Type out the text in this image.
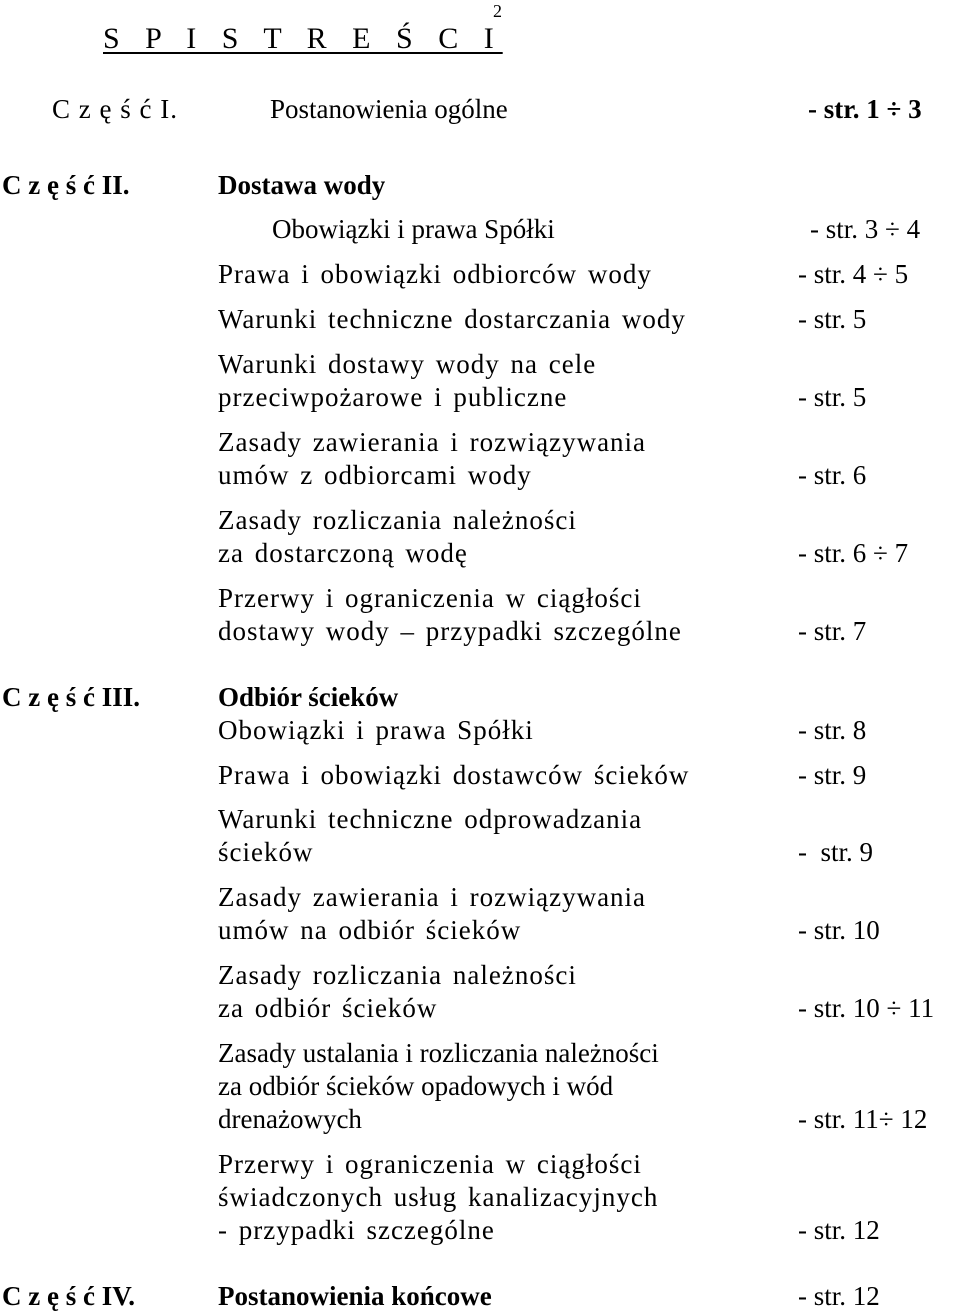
2
S P I S T R E Ś C I
C z ę ś ć I.	Postanowienia ogólne	- str. 1 ÷ 3
C z ę ś ć II.	Dostawa wody
Obowiązki i prawa Spółki	- str. 3 ÷ 4
Prawa i obowiązki odbiorców wody	- str. 4 ÷ 5
Warunki techniczne dostarczania wody	- str. 5
Warunki dostawy wody na cele
przeciwpożarowe i publiczne	- str. 5
Zasady zawierania i rozwiązywania
umów z odbiorcami wody	- str. 6
Zasady rozliczania należności
za dostarczoną wodę	- str. 6 ÷ 7
Przerwy i ograniczenia w ciągłości
dostawy wody – przypadki szczególne	- str. 7
C z ę ś ć III.	Odbiór ścieków
Obowiązki i prawa Spółki	- str. 8
Prawa i obowiązki dostawców ścieków	- str. 9
Warunki techniczne odprowadzania
ścieków	-  str. 9
Zasady zawierania i rozwiązywania
umów na odbiór ścieków	- str. 10
Zasady rozliczania należności
za odbiór ścieków	- str. 10 ÷ 11
Zasady ustalania i rozliczania należności
za odbiór ścieków opadowych i wód
drenażowych	- str. 11÷ 12
Przerwy i ograniczenia w ciągłości
świadczonych usług kanalizacyjnych
- przypadki szczególne	- str. 12
C z ę ś ć IV.	Postanowienia końcowe	- str. 12
